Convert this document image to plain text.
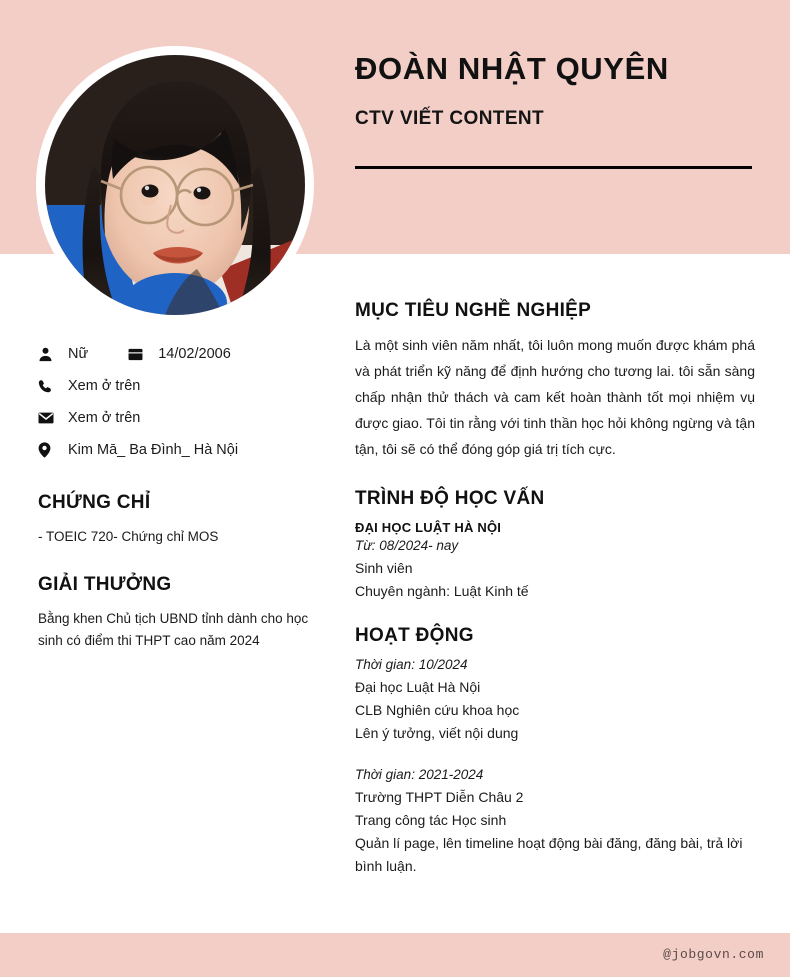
ĐOÀN NHẬT QUYÊN
CTV VIẾT CONTENT
Nữ	14/02/2006
Xem ở trên
Xem ở trên
Kim Mā_ Ba Đình_ Hà Nội
CHỨNG CHỈ
- TOEIC 720- Chứng chỉ MOS
GIẢI THƯỞNG
Bằng khen Chủ tịch UBND tỉnh dành cho học sinh có điểm thi THPT cao năm 2024
MỤC TIÊU NGHỀ NGHIỆP
Là một sinh viên năm nhất, tôi luôn mong muốn được khám phá và phát triển kỹ năng để định hướng cho tương lai. tôi sẵn sàng chấp nhận thử thách và cam kết hoàn thành tốt mọi nhiệm vụ được giao. Tôi tin rằng với tinh thần học hỏi không ngừng và tận tận, tôi sẽ có thể đóng góp giá trị tích cực.
TRÌNH ĐỘ HỌC VẤN
ĐẠI HỌC LUẬT HÀ NỘI
Từ: 08/2024- nay
Sinh viên
Chuyên ngành: Luật Kinh tế
HOẠT ĐỘNG
Thời gian: 10/2024
Đại học Luật Hà Nội
CLB Nghiên cứu khoa học
Lên ý tưởng, viết nội dung
Thời gian: 2021-2024
Trường THPT Diễn Châu 2
Trang công tác Học sinh
Quản lí page, lên timeline hoạt động bài đăng, đăng bài, trả lời bình luận.
@jobgovn.com
